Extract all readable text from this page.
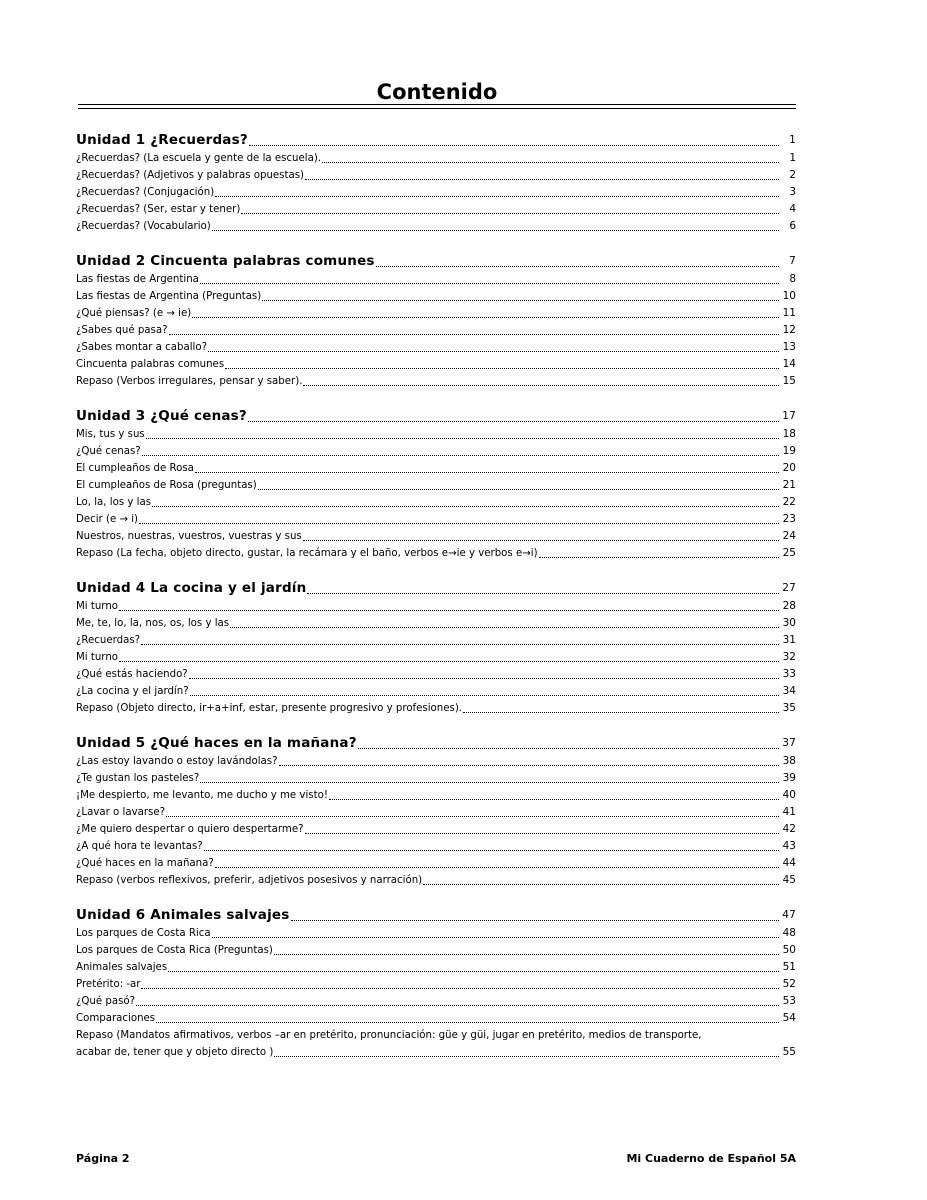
Contenido
Unidad 1 ¿Recuerdas?	1
¿Recuerdas? (La escuela y gente de la escuela).	1
¿Recuerdas? (Adjetivos y palabras opuestas)	2
¿Recuerdas? (Conjugación)	3
¿Recuerdas? (Ser, estar y tener)	4
¿Recuerdas? (Vocabulario)	6
Unidad 2 Cincuenta palabras comunes	7
Las fiestas de Argentina	8
Las fiestas de Argentina (Preguntas)	10
¿Qué piensas? (e → ie)	11
¿Sabes qué pasa?	12
¿Sabes montar a caballo?	13
Cincuenta palabras comunes	14
Repaso (Verbos irregulares, pensar y saber).	15
Unidad 3 ¿Qué cenas?	17
Mis, tus y sus	18
¿Qué cenas?	19
El cumpleaños de Rosa	20
El cumpleaños de Rosa (preguntas)	21
Lo, la, los y las	22
Decir (e → i)	23
Nuestros, nuestras, vuestros, vuestras y sus	24
Repaso (La fecha, objeto directo, gustar, la recámara y el baño, verbos e→ie y verbos e→i)	25
Unidad 4 La cocina y el jardín	27
Mi turno	28
Me, te, lo, la, nos, os, los y las	30
¿Recuerdas?	31
Mi turno	32
¿Qué estás haciendo?	33
¿La cocina y el jardín?	34
Repaso (Objeto directo, ir+a+inf, estar, presente progresivo y profesiones).	35
Unidad 5 ¿Qué haces en la mañana?	37
¿Las estoy lavando o estoy lavándolas?	38
¿Te gustan los pasteles?	39
¡Me despierto, me levanto, me ducho y me visto!	40
¿Lavar o lavarse?	41
¿Me quiero despertar o quiero despertarme?	42
¿A qué hora te levantas?	43
¿Qué haces en la mañana?	44
Repaso (verbos reflexivos, preferir, adjetivos posesivos y narración)	45
Unidad 6 Animales salvajes	47
Los parques de Costa Rica	48
Los parques de Costa Rica (Preguntas)	50
Animales salvajes	51
Pretérito: -ar	52
¿Qué pasó?	53
Comparaciones	54
Repaso (Mandatos afirmativos, verbos –ar en pretérito, pronunciación: güe y güi, jugar en pretérito, medios de transporte,
acabar de, tener que y objeto directo )	55
Página 2	Mi Cuaderno de Español 5A
